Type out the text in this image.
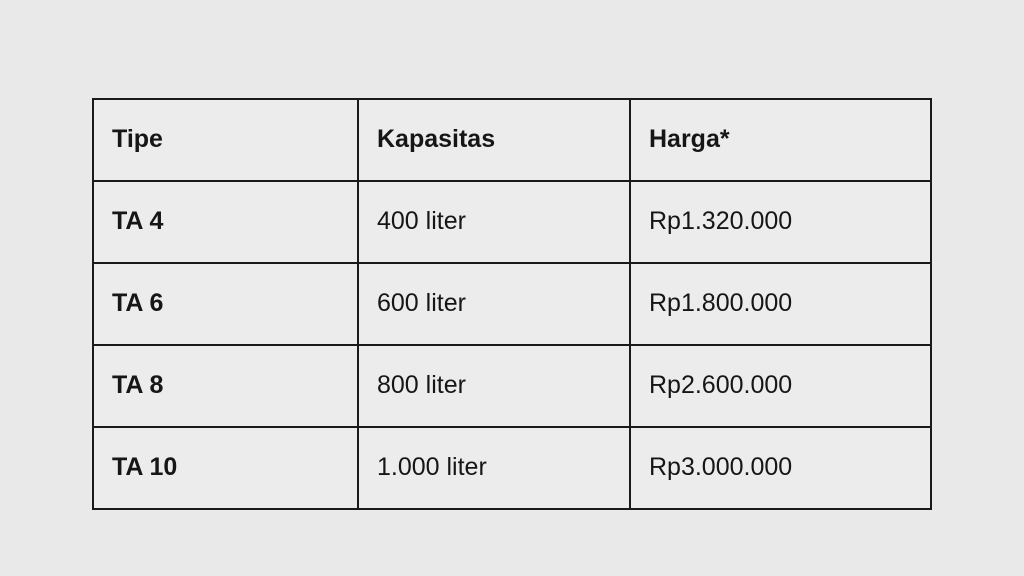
Tipe	Kapasitas	Harga*
TA 4	400 liter	Rp1.320.000
TA 6	600 liter	Rp1.800.000
TA 8	800 liter	Rp2.600.000
TA 10	1.000 liter	Rp3.000.000
